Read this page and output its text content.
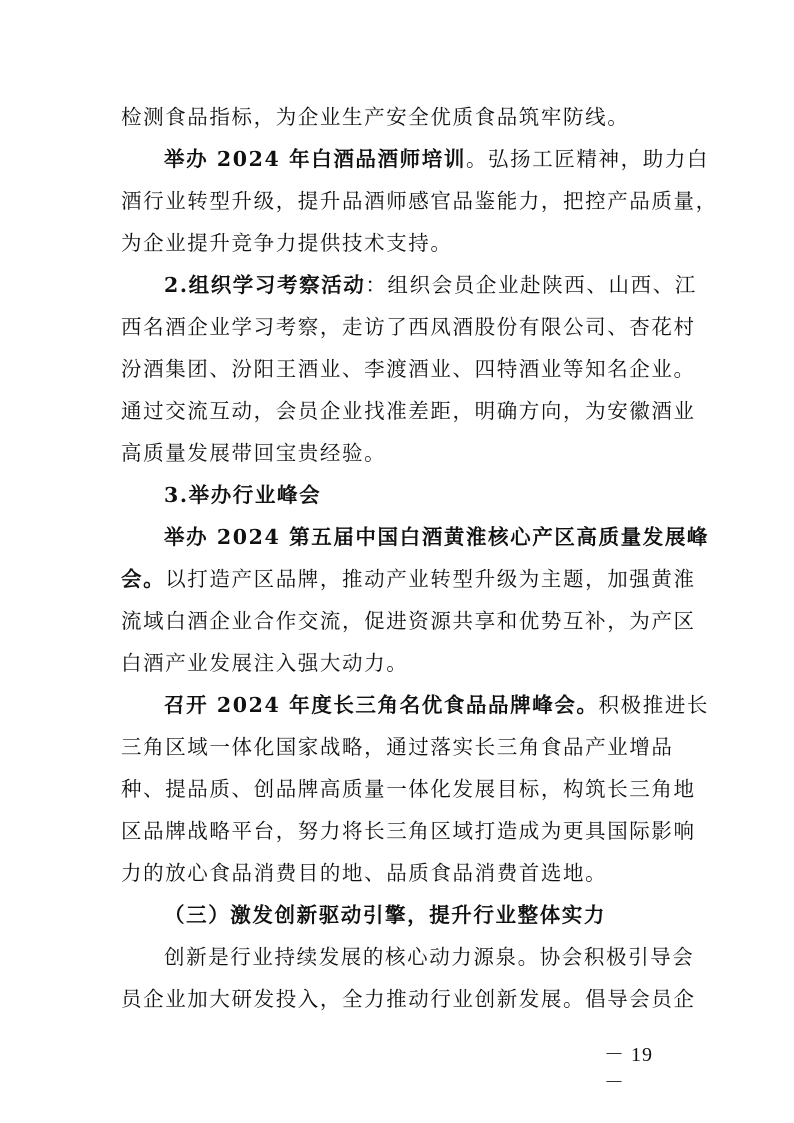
检测食品指标，为企业生产安全优质食品筑牢防线。
举办 2024 年白酒品酒师培训。弘扬工匠精神，助力白
酒行业转型升级，提升品酒师感官品鉴能力，把控产品质量，
为企业提升竞争力提供技术支持。
2.组织学习考察活动：组织会员企业赴陕西、山西、江
西名酒企业学习考察，走访了西凤酒股份有限公司、杏花村
汾酒集团、汾阳王酒业、李渡酒业、四特酒业等知名企业。
通过交流互动，会员企业找准差距，明确方向，为安徽酒业
高质量发展带回宝贵经验。
3.举办行业峰会
举办 2024 第五届中国白酒黄淮核心产区高质量发展峰
会。以打造产区品牌，推动产业转型升级为主题，加强黄淮
流域白酒企业合作交流，促进资源共享和优势互补，为产区
白酒产业发展注入强大动力。
召开 2024 年度长三角名优食品品牌峰会。积极推进长
三角区域一体化国家战略，通过落实长三角食品产业增品
种、提品质、创品牌高质量一体化发展目标，构筑长三角地
区品牌战略平台，努力将长三角区域打造成为更具国际影响
力的放心食品消费目的地、品质食品消费首选地。
（三）激发创新驱动引擎，提升行业整体实力
创新是行业持续发展的核心动力源泉。协会积极引导会
员企业加大研发投入，全力推动行业创新发展。倡导会员企
－ 19 －
